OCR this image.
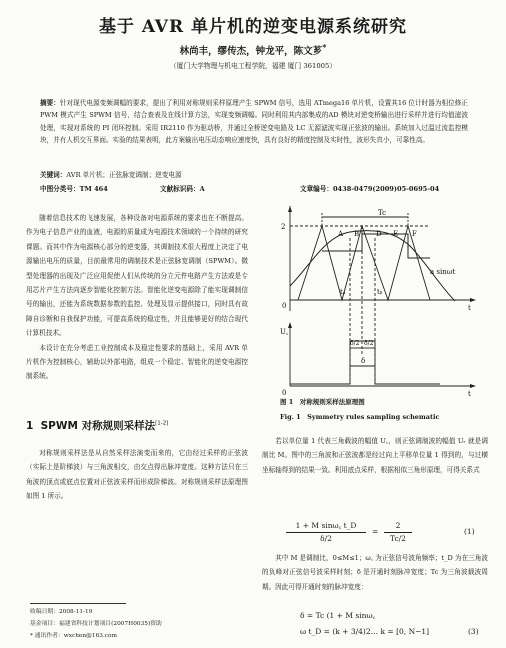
基于 AVR 单片机的逆变电源系统研究
林尚丰，缪传杰，钟龙平，陈文芗*
（厦门大学物理与机电工程学院，福建 厦门 361005）
摘要：针对现代电源变频调幅的要求，提出了利用对称规则采样原理产生 SPWM 信号，选用 ATmega16 单片机，设置其16 位计时器为相位修正 PWM 模式产生 SPWM 信号，结合查表及在线计算方法，实现变频调幅。同时利用其内部集成的AD 模块对逆变桥输出进行采样并进行均值滤波处理，实现对系统的 PI 闭环控制。采用 IR2110 作为驱动桥，并通过全桥逆变电路及 LC 无源滤波实现正弦波的输出。系统加入过温过流监控模块，并有人机交互界面。实验的结果表明，此方案输出电压动态响应速度快，具有良好的精度控制及实时性，波形失真小，可靠性高。
关键词：AVR 单片机；正弦脉宽调制；逆变电源
中图分类号：TM 464	文献标识码：A	文章编号：0438-0479(2009)05-0695-04

随着信息技术的飞速发展，各种设备对电源系统的要求也在不断提高。作为电子信息产业的血液，电源的质量成为电源技术领域的一个持续的研究课题。而其中作为电源核心部分的逆变器，其调制技术很大程度上决定了电源输出电压的质量，目前最常用的调制技术是正弦脉宽调制（SPWM）。微型处理器的出现及广泛应用促使人们从传统的分立元件电路产生方法或是专用芯片产生方法向逐步智能化控制方法。智能化逆变电源除了能实现调制信号的输出，还能为系统数据参数的监控、处理及显示提供接口，同时具有故障自诊断和自我保护功能，可提高系统的稳定性，并且能够更好的结合现代计算机技术。

本设计在充分考虑工业控制成本及稳定性要求的基础上，采用 AVR 单片机作为控制核心，辅助以外部电路，组成一个稳定、智能化的逆变电源控制系统。

1 SPWM 对称规则采样法[1-2]

对称规则采样法是从自然采样法演变而来的，它由经过采样的正弦波（实际上是阶梯波）与三角波相交，由交点得出脉冲宽度。这种方法只在三角波的顶点或底点位置对正弦波采样而形成阶梯波。对称规则采样法原理图如图 1 所示。

收稿日期：2008-11-19
基金项目：福建省科技计划项目(2007H0035)资助
* 通讯作者：wxchen@163.com
Tc
2
0	t
A B D E F
a sinωt
tₐ	tᵦ
δ/2 δ/2
δ
U꜀
0	t
图 1　对称规则采样法原理图
Fig. 1　Symmetry rules sampling schematic

若以单位量 1 代表三角载波的幅值 U꜀，则正弦调制波的幅值 Uᵣ 就是调制比 M。图中的三角波和正弦波都是经过向上平移单位量 1 得到的，与过横坐标轴得到的结果一致。利用底点采样，根据相似三角形原理，可得关系式

1 + M sinω꜀ t_D
δ/2
=
2
Tc/2
(1)

其中 M 是调制比，0≤M≤1；ω꜀ 为正弦信号波角频率；t_D 为在三角波的负峰对正弦信号波采样时刻；δ 是开通时刻脉冲宽度；Tc 为三角波载波周期。因此可得开通时刻的脉冲宽度：

δ = Tc (1 + M sinω꜀
ω t_D = (k + 3/4)2… k = [0, N−1]	(3)
